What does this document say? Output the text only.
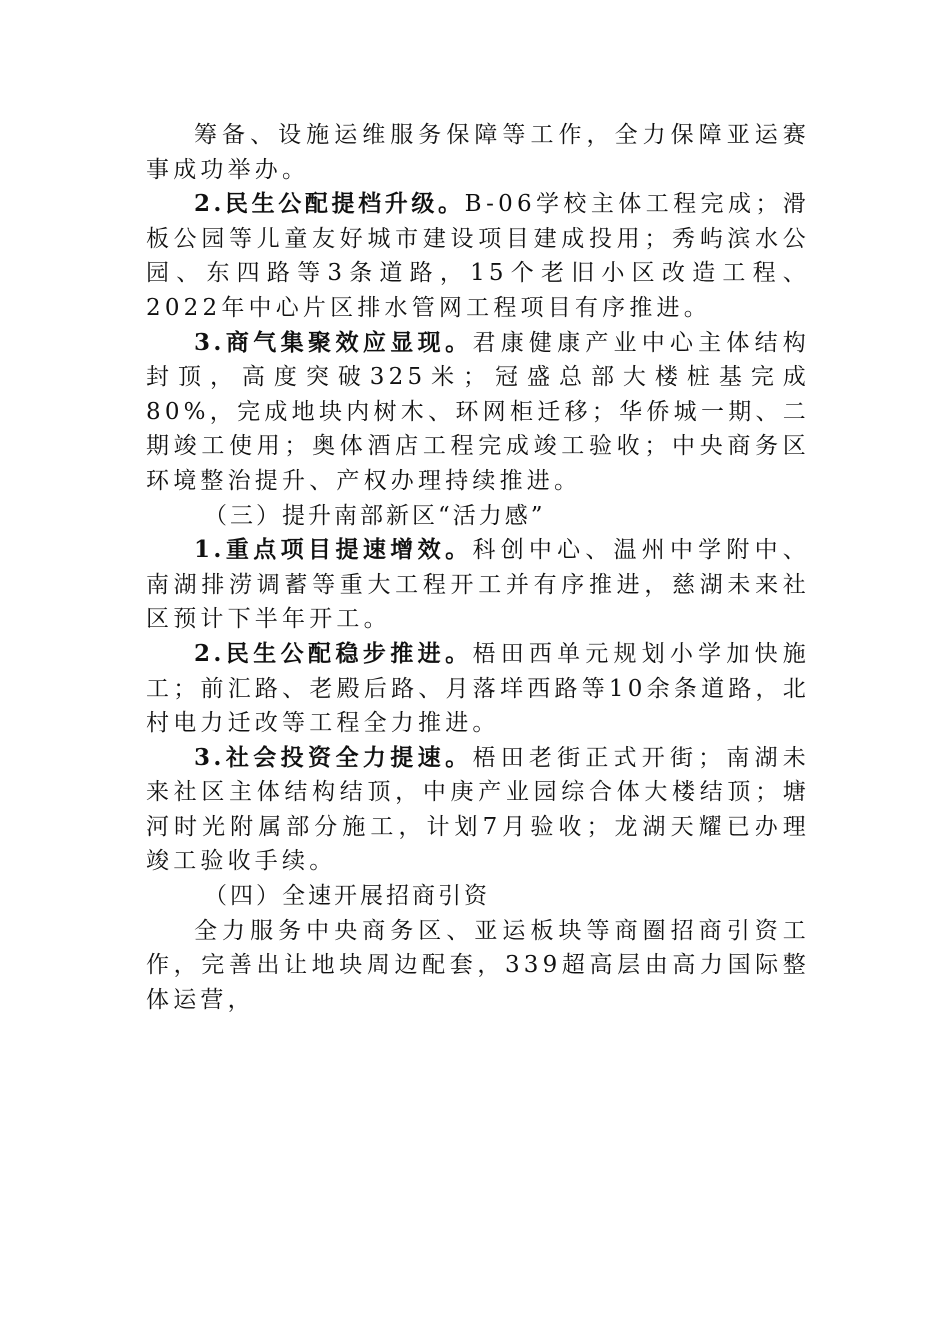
筹备、设施运维服务保障等工作，全力保障亚运赛事成功举办。

2.民生公配提档升级。B-06学校主体工程完成；滑板公园等儿童友好城市建设项目建成投用；秀屿滨水公园、东四路等3条道路，15个老旧小区改造工程、2022年中心片区排水管网工程项目有序推进。

3.商气集聚效应显现。君康健康产业中心主体结构封顶，高度突破325米；冠盛总部大楼桩基完成80%，完成地块内树木、环网柜迁移；华侨城一期、二期竣工使用；奥体酒店工程完成竣工验收；中央商务区环境整治提升、产权办理持续推进。

（三）提升南部新区“活力感”

1.重点项目提速增效。科创中心、温州中学附中、南湖排涝调蓄等重大工程开工并有序推进，慈湖未来社区预计下半年开工。

2.民生公配稳步推进。梧田西单元规划小学加快施工；前汇路、老殿后路、月落垟西路等10余条道路，北村电力迁改等工程全力推进。

3.社会投资全力提速。梧田老街正式开街；南湖未来社区主体结构结顶，中庚产业园综合体大楼结顶；塘河时光附属部分施工，计划7月验收；龙湖天耀已办理竣工验收手续。

（四）全速开展招商引资

全力服务中央商务区、亚运板块等商圈招商引资工作，完善出让地块周边配套，339超高层由高力国际整体运营，
